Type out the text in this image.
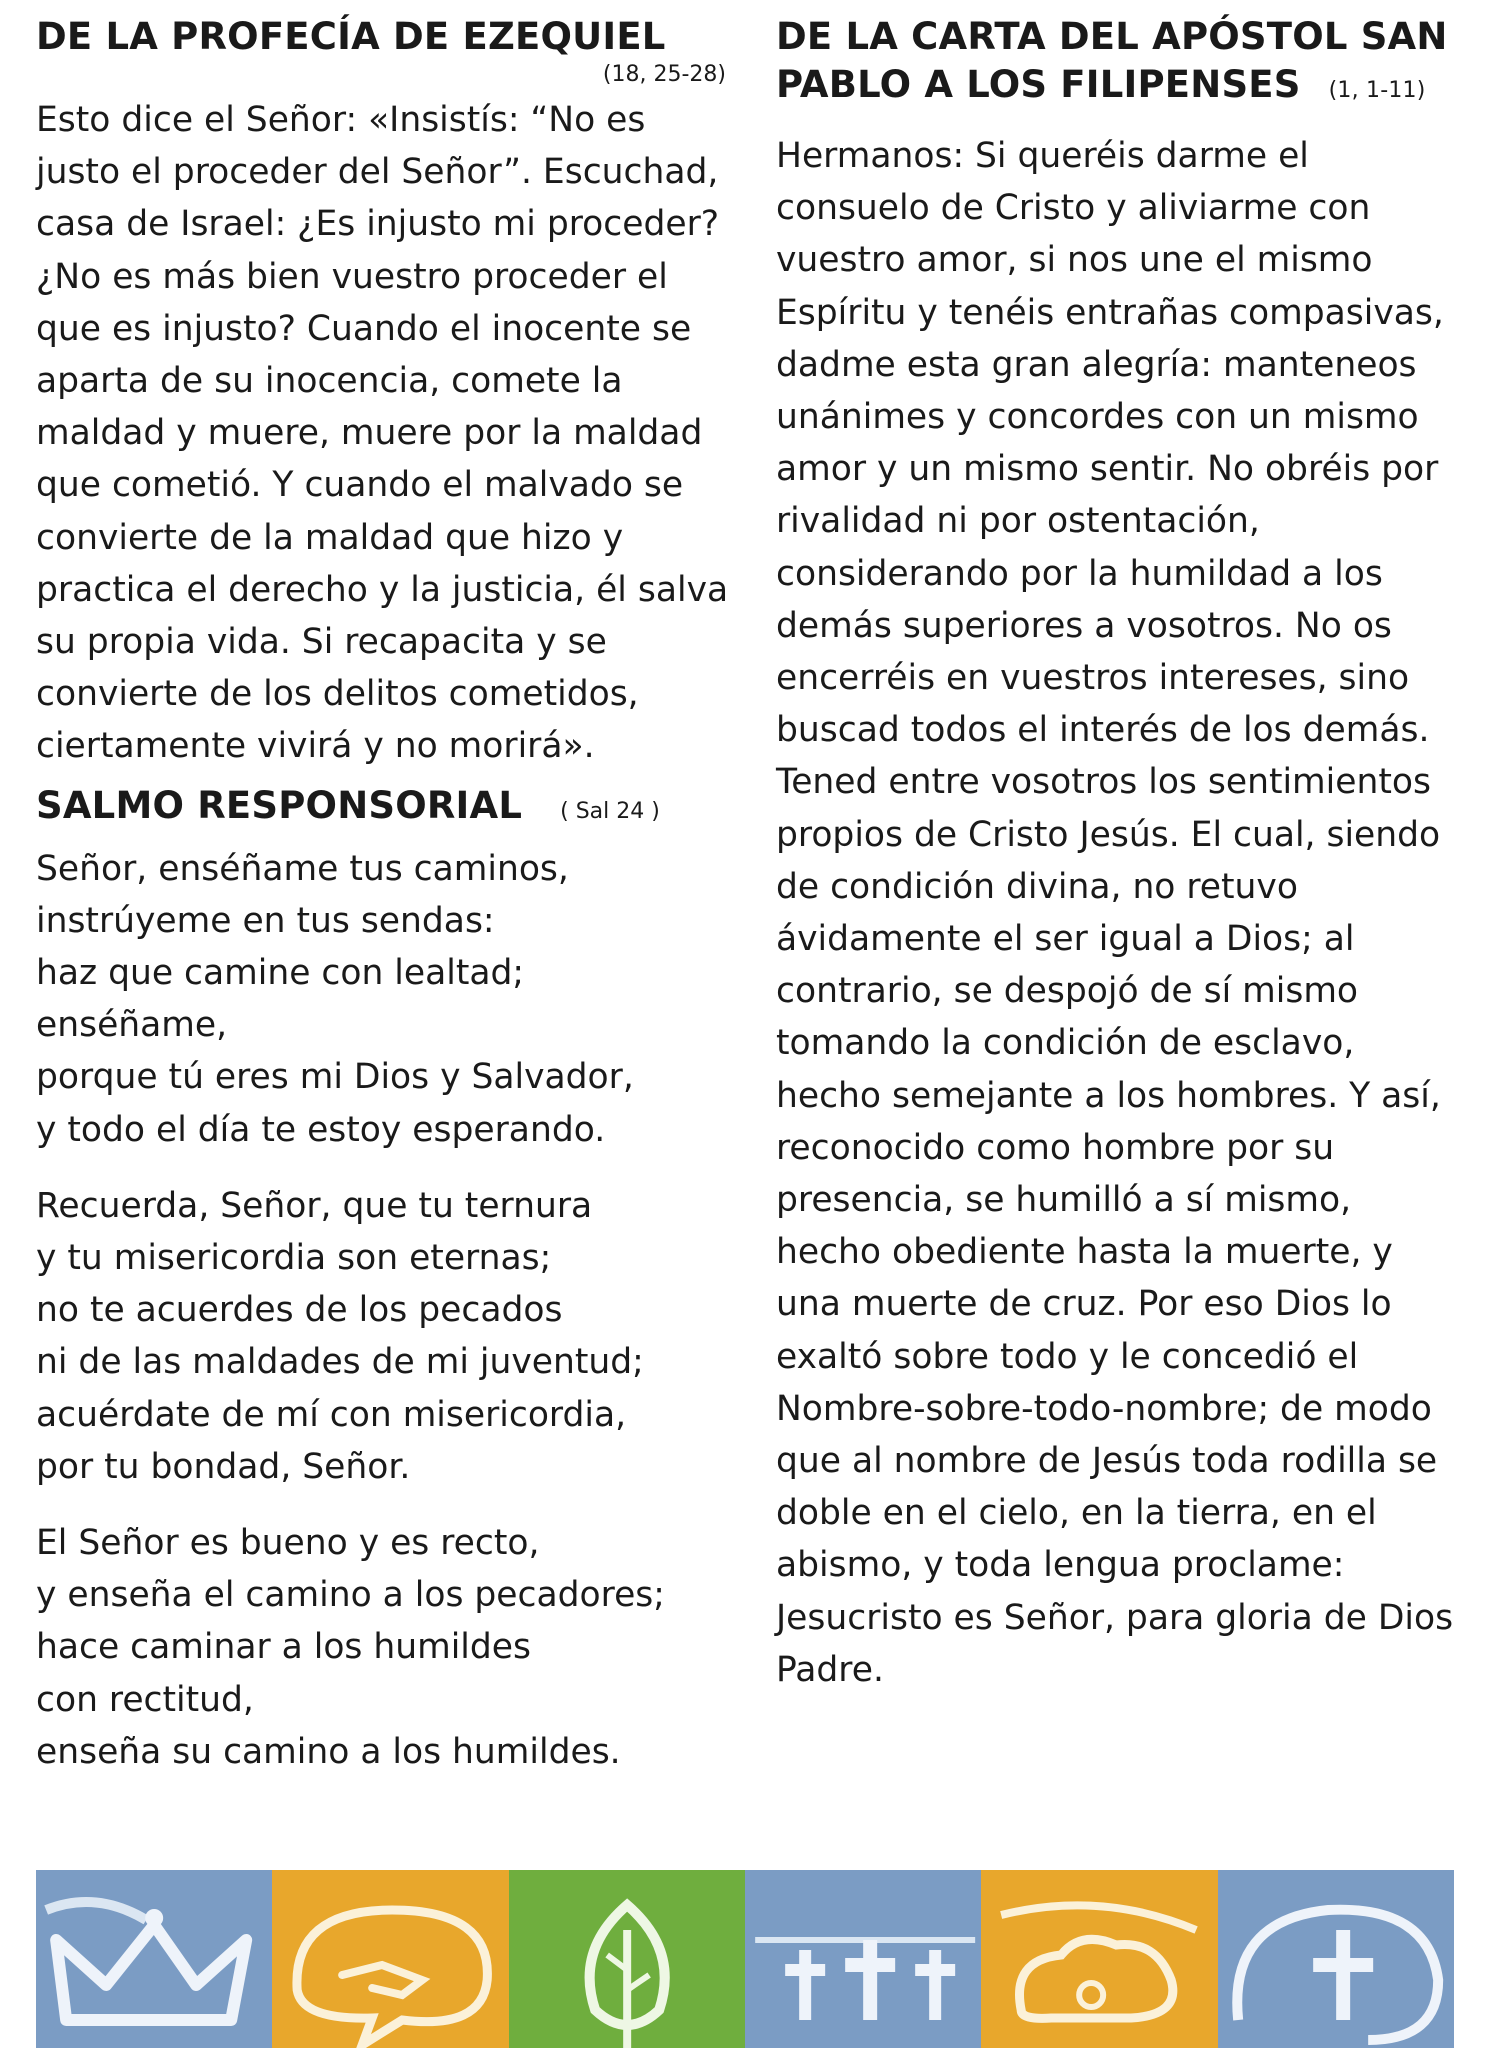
DE LA PROFECÍA DE EZEQUIEL
(18, 25-28)

Esto dice el Señor: «Insistís: “No es
justo el proceder del Señor”. Escuchad,
casa de Israel: ¿Es injusto mi proceder?
¿No es más bien vuestro proceder el
que es injusto? Cuando el inocente se
aparta de su inocencia, comete la
maldad y muere, muere por la maldad
que cometió. Y cuando el malvado se
convierte de la maldad que hizo y
practica el derecho y la justicia, él salva
su propia vida. Si recapacita y se
convierte de los delitos cometidos,
ciertamente vivirá y no morirá».

SALMO RESPONSORIAL ( Sal 24 )
Señor, enséñame tus caminos,
instrúyeme en tus sendas:
haz que camine con lealtad;
enséñame,
porque tú eres mi Dios y Salvador,
y todo el día te estoy esperando.
Recuerda, Señor, que tu ternura
y tu misericordia son eternas;
no te acuerdes de los pecados
ni de las maldades de mi juventud;
acuérdate de mí con misericordia,
por tu bondad, Señor.
El Señor es bueno y es recto,
y enseña el camino a los pecadores;
hace caminar a los humildes
con rectitud,
enseña su camino a los humildes.
DE LA CARTA DEL APÓSTOL SAN
PABLO A LOS FILIPENSES (1, 1-11)

Hermanos: Si queréis darme el
consuelo de Cristo y aliviarme con
vuestro amor, si nos une el mismo
Espíritu y tenéis entrañas compasivas,
dadme esta gran alegría: manteneos
unánimes y concordes con un mismo
amor y un mismo sentir. No obréis por
rivalidad ni por ostentación,
considerando por la humildad a los
demás superiores a vosotros. No os
encerréis en vuestros intereses, sino
buscad todos el interés de los demás.
Tened entre vosotros los sentimientos
propios de Cristo Jesús. El cual, siendo
de condición divina, no retuvo
ávidamente el ser igual a Dios; al
contrario, se despojó de sí mismo
tomando la condición de esclavo,
hecho semejante a los hombres. Y así,
reconocido como hombre por su
presencia, se humilló a sí mismo,
hecho obediente hasta la muerte, y
una muerte de cruz. Por eso Dios lo
exaltó sobre todo y le concedió el
Nombre-sobre-todo-nombre; de modo
que al nombre de Jesús toda rodilla se
doble en el cielo, en la tierra, en el
abismo, y toda lengua proclame:
Jesucristo es Señor, para gloria de Dios
Padre.
